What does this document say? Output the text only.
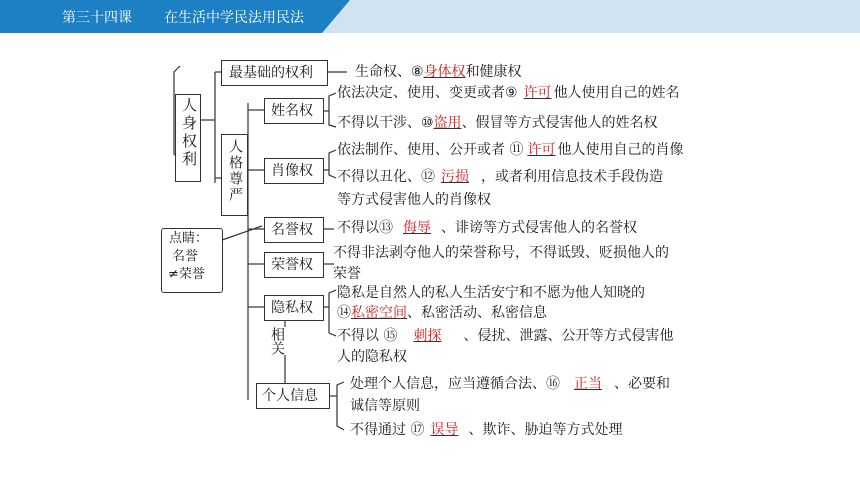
第三十四课 在生活中学民法用民法
人身权利
最基础的权利
人格尊严
点睛：
名誉
≠荣誉
姓名权
肖像权
名誉权
荣誉权
隐私权
相关
个人信息
生命权、⑧身体权和健康权
依法决定、使用、变更或者⑨ 许可 他人使用自己的姓名
不得以干涉、⑩盗用、假冒等方式侵害他人的姓名权
依法制作、使用、公开或者 ⑪ 许可 他人使用自己的肖像
不得以丑化、⑫ 污损 ，或者利用信息技术手段伪造
等方式侵害他人的肖像权
不得以⑬ 侮辱 、诽谤等方式侵害他人的名誉权
不得非法剥夺他人的荣誉称号，不得诋毁、贬损他人的
荣誉
隐私是自然人的私人生活安宁和不愿为他人知晓的
⑭私密空间、私密活动、私密信息
不得以 ⑮ 刺探 、侵扰、泄露、公开等方式侵害他
人的隐私权
处理个人信息，应当遵循合法、⑯ 正当 、必要和
诚信等原则
不得通过 ⑰ 误导 、欺诈、胁迫等方式处理
